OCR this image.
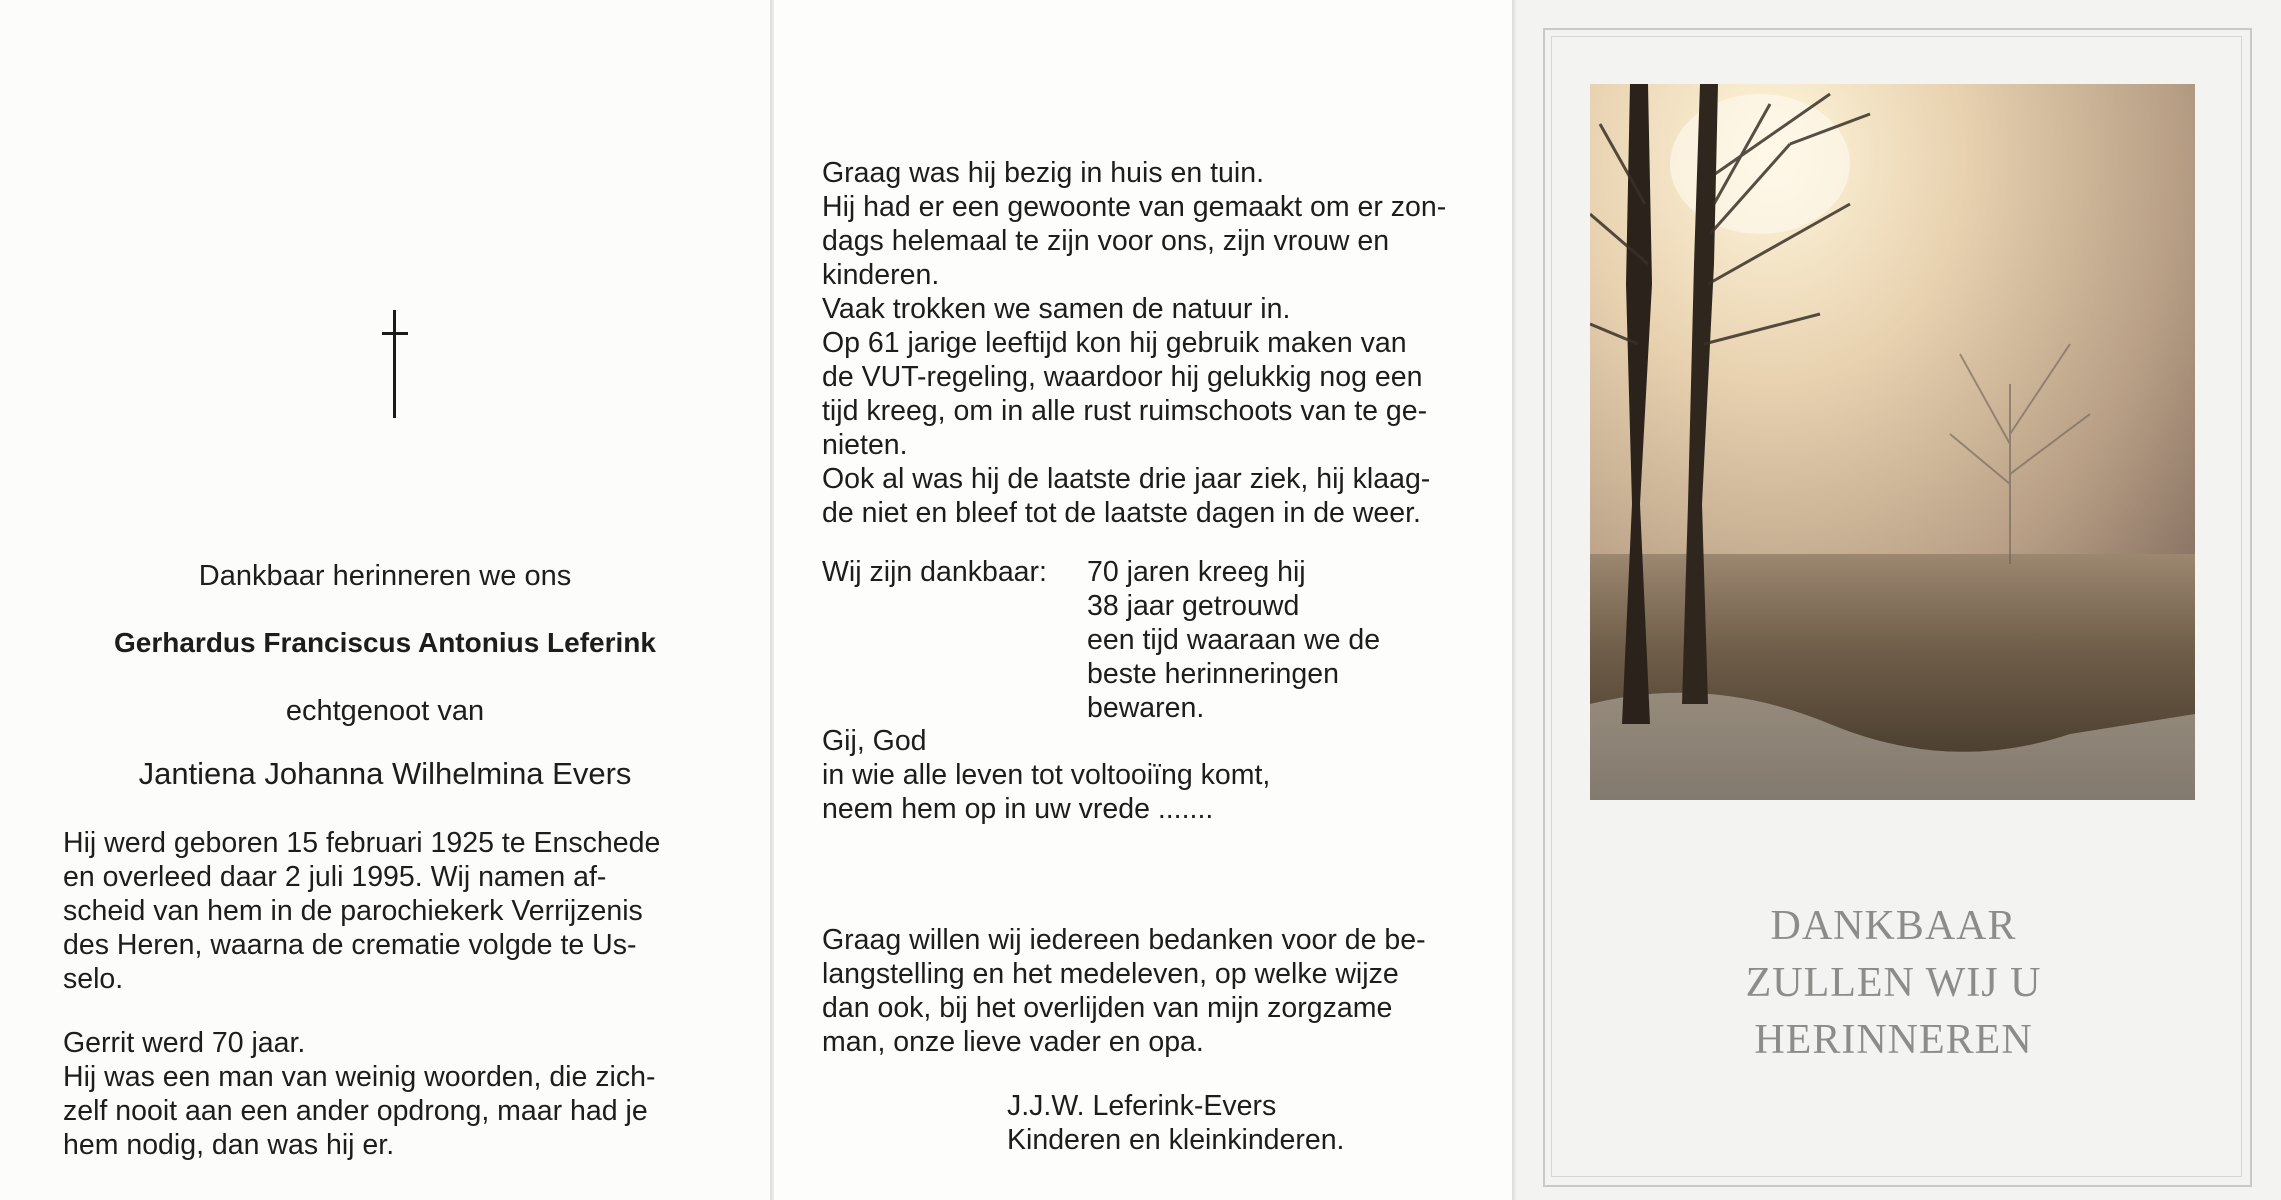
Dankbaar herinneren we ons
Gerhardus Franciscus Antonius Leferink
echtgenoot van
Jantiena Johanna Wilhelmina Evers
Hij werd geboren 15 februari 1925 te Enschede
en overleed daar 2 juli 1995. Wij namen af-
scheid van hem in de parochiekerk Verrijzenis
des Heren, waarna de crematie volgde te Us-
selo.
Gerrit werd 70 jaar.
Hij was een man van weinig woorden, die zich-
zelf nooit aan een ander opdrong, maar had je
hem nodig, dan was hij er.
Graag was hij bezig in huis en tuin.
Hij had er een gewoonte van gemaakt om er zon-
dags helemaal te zijn voor ons, zijn vrouw en
kinderen.
Vaak trokken we samen de natuur in.
Op 61 jarige leeftijd kon hij gebruik maken van
de VUT-regeling, waardoor hij gelukkig nog een
tijd kreeg, om in alle rust ruimschoots van te ge-
nieten.
Ook al was hij de laatste drie jaar ziek, hij klaag-
de niet en bleef tot de laatste dagen in de weer.
Wij zijn dankbaar: 70 jaren kreeg hij
38 jaar getrouwd
een tijd waaraan we de
beste herinneringen
bewaren.
Gij, God
in wie alle leven tot voltooiïng komt,
neem hem op in uw vrede .......
Graag willen wij iedereen bedanken voor de be-
langstelling en het medeleven, op welke wijze
dan ook, bij het overlijden van mijn zorgzame
man, onze lieve vader en opa.
J.J.W. Leferink-Evers
Kinderen en kleinkinderen.
DANKBAAR
ZULLEN WIJ U
HERINNEREN
